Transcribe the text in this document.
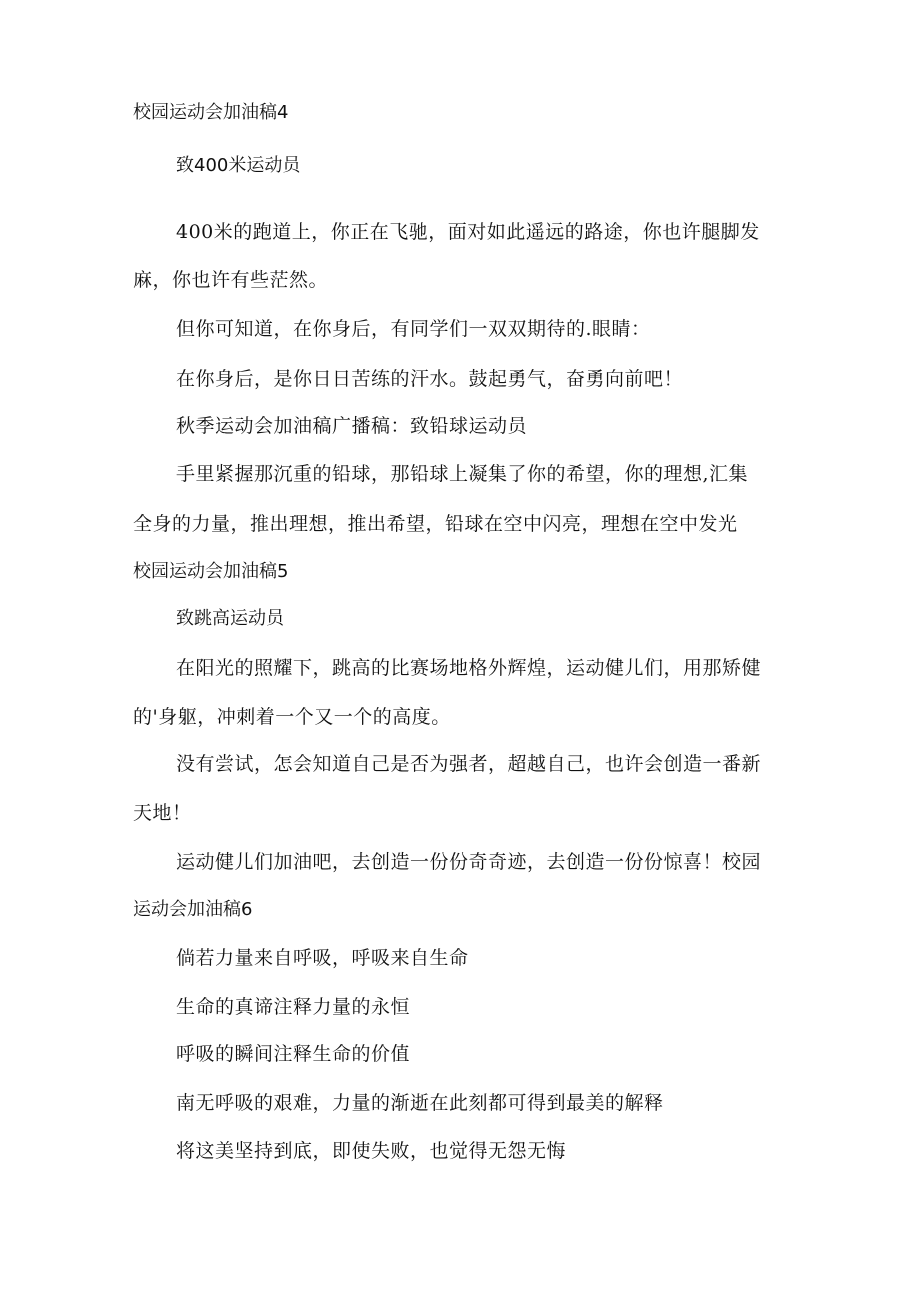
校园运动会加油稿4
致400米运动员
400米的跑道上，你正在飞驰，面对如此遥远的路途，你也许腿脚发
麻，你也许有些茫然。
但你可知道，在你身后，有同学们一双双期待的.眼睛：
在你身后，是你日日苦练的汗水。鼓起勇气，奋勇向前吧！
秋季运动会加油稿广播稿：致铅球运动员
手里紧握那沉重的铅球，那铅球上凝集了你的希望，你的理想,汇集
全身的力量，推出理想，推出希望，铅球在空中闪亮，理想在空中发光
校园运动会加油稿5
致跳高运动员
在阳光的照耀下，跳高的比赛场地格外辉煌，运动健儿们，用那矫健
的'身躯，冲刺着一个又一个的高度。
没有尝试，怎会知道自己是否为强者，超越自己，也许会创造一番新
天地！
运动健儿们加油吧，去创造一份份奇奇迹，去创造一份份惊喜！校园
运动会加油稿6
倘若力量来自呼吸，呼吸来自生命
生命的真谛注释力量的永恒
呼吸的瞬间注释生命的价值
南无呼吸的艰难，力量的渐逝在此刻都可得到最美的解释
将这美坚持到底，即使失败，也觉得无怨无悔
